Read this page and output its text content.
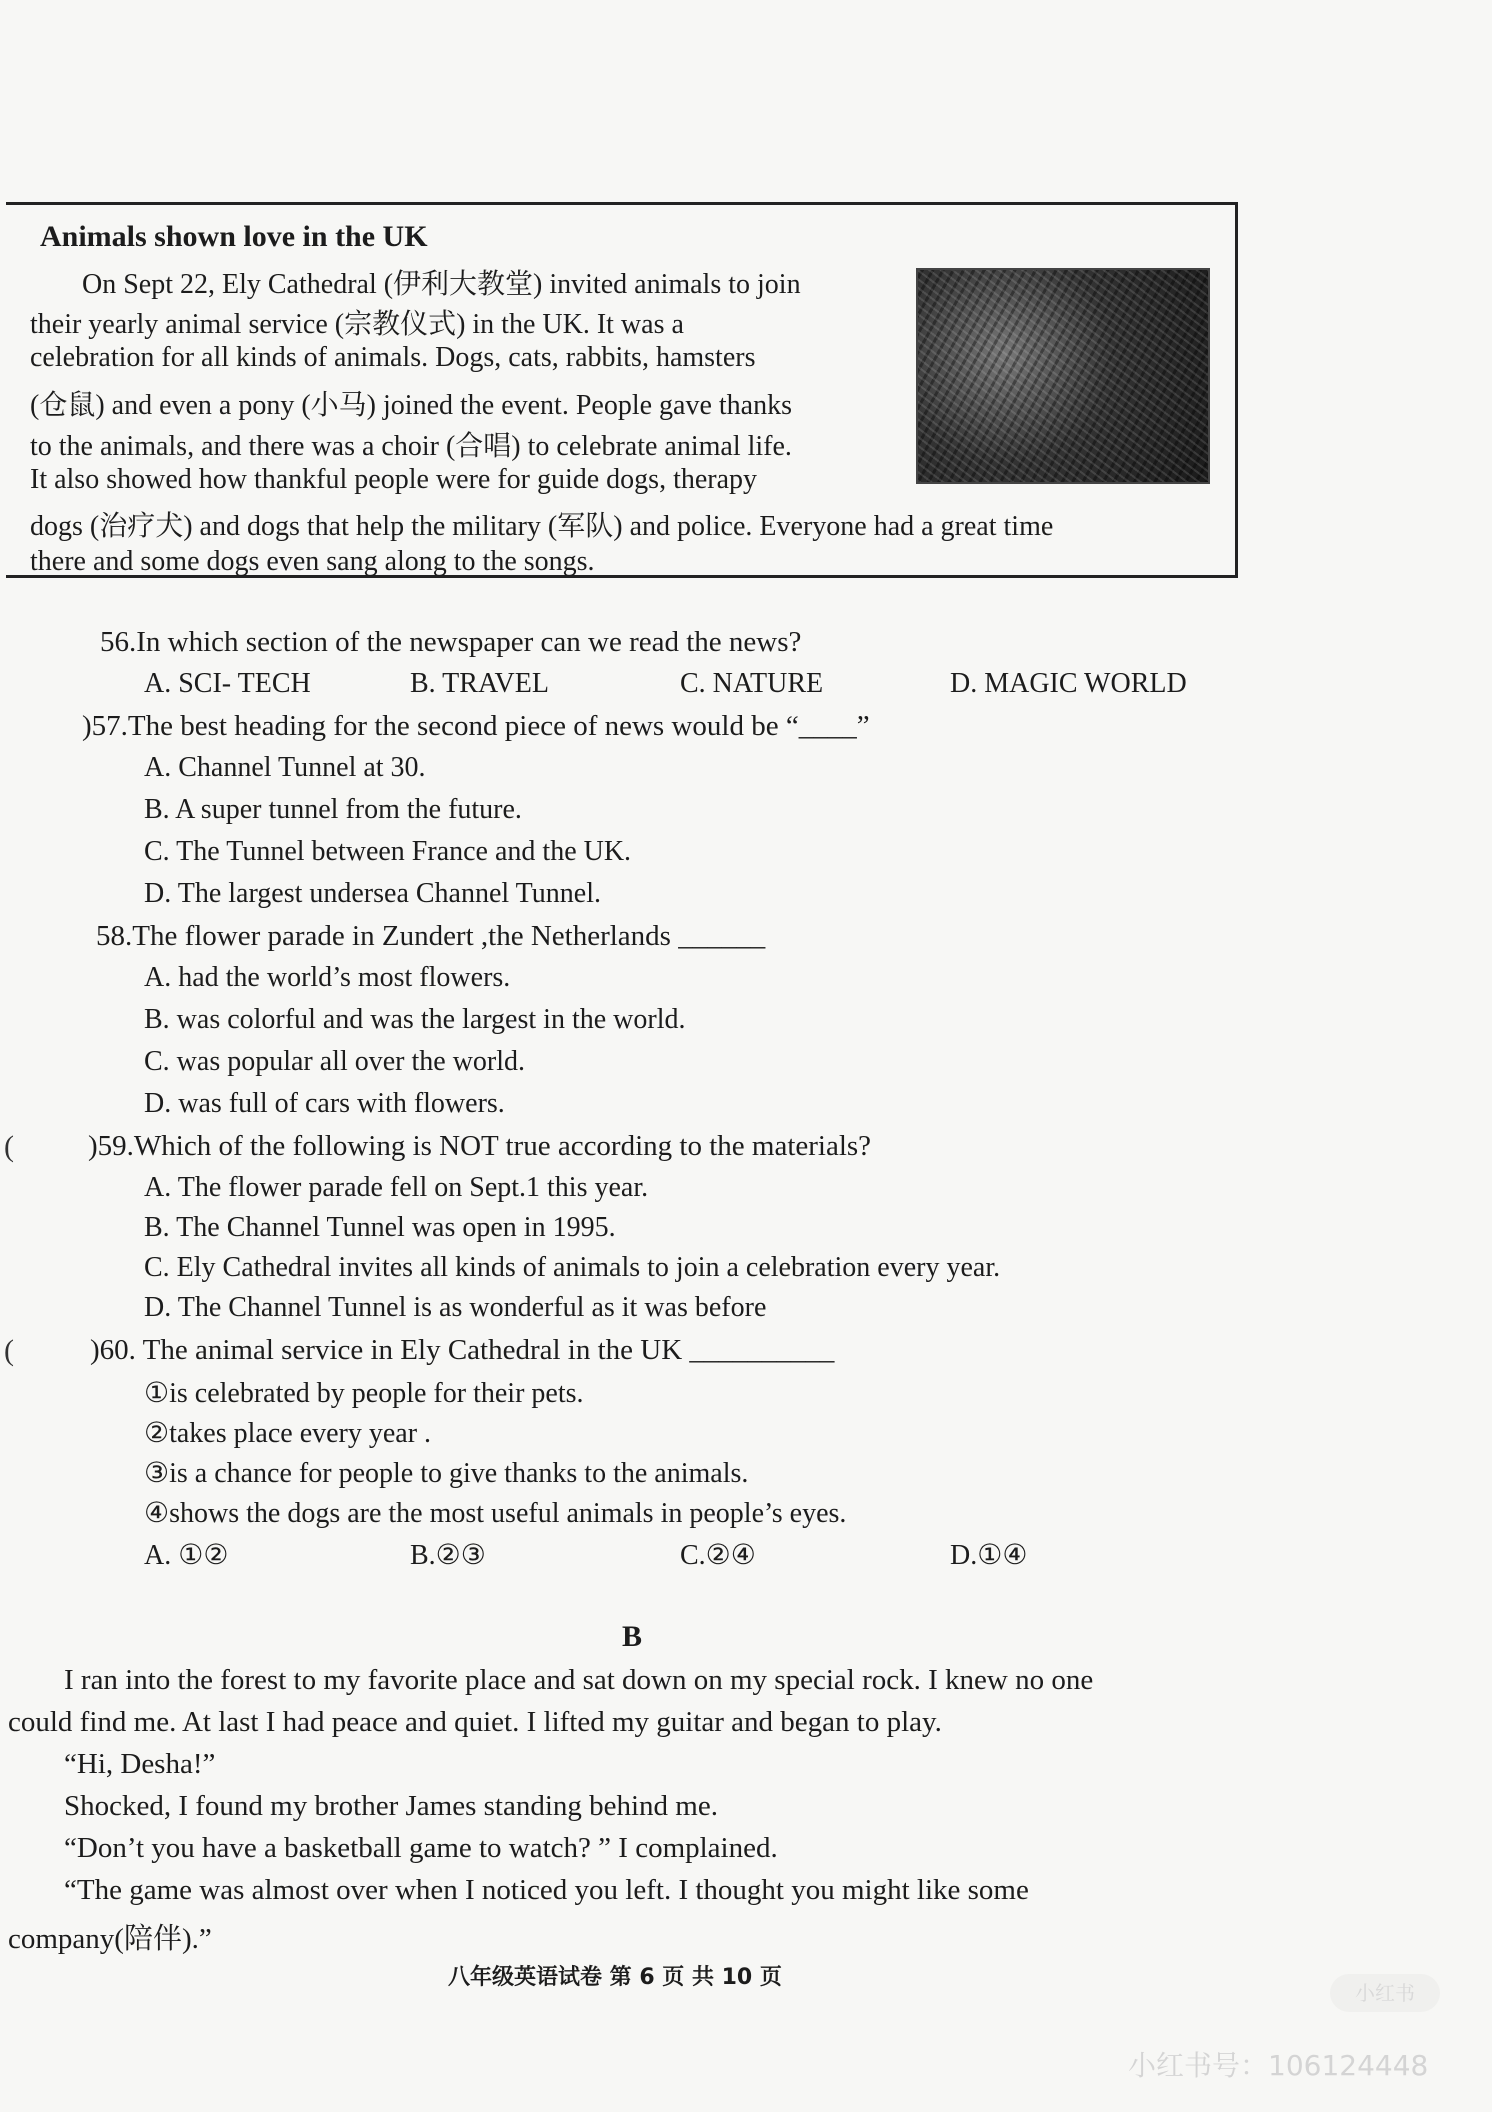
Animals shown love in the UK
On Sept 22, Ely Cathedral (伊利大教堂) invited animals to join
their yearly animal service (宗教仪式) in the UK. It was a
celebration for all kinds of animals. Dogs, cats, rabbits, hamsters
(仓鼠) and even a pony (小马) joined the event. People gave thanks
to the animals, and there was a choir (合唱) to celebrate animal life.
It also showed how thankful people were for guide dogs, therapy
dogs (治疗犬) and dogs that help the military (军队) and police. Everyone had a great time
there and some dogs even sang along to the songs.
56.In which section of the newspaper can we read the news?
A. SCI- TECH	B. TRAVEL	C. NATURE	D. MAGIC WORLD
)57.The best heading for the second piece of news would be “____”
A. Channel Tunnel at 30.
B. A super tunnel from the future.
C. The Tunnel between France and the UK.
D. The largest undersea Channel Tunnel.
58.The flower parade in Zundert ,the Netherlands ______
A. had the world’s most flowers.
B. was colorful and was the largest in the world.
C. was popular all over the world.
D. was full of cars with flowers.
(	)59.Which of the following is NOT true according to the materials?
A. The flower parade fell on Sept.1 this year.
B. The Channel Tunnel was open in 1995.
C. Ely Cathedral invites all kinds of animals to join a celebration every year.
D. The Channel Tunnel is as wonderful as it was before
(	)60. The animal service in Ely Cathedral in the UK __________
①is celebrated by people for their pets.
②takes place every year .
③is a chance for people to give thanks to the animals.
④shows the dogs are the most useful animals in people’s eyes.
A. ①②	B.②③	C.②④	D.①④
B
I ran into the forest to my favorite place and sat down on my special rock. I knew no one
could find me. At last I had peace and quiet. I lifted my guitar and began to play.
“Hi, Desha!”
Shocked, I found my brother James standing behind me.
“Don’t you have a basketball game to watch? ” I complained.
“The game was almost over when I noticed you left. I thought you might like some
company(陪伴).”
八年级英语试卷 第 6 页 共 10 页
小红书
小红书号：106124448
